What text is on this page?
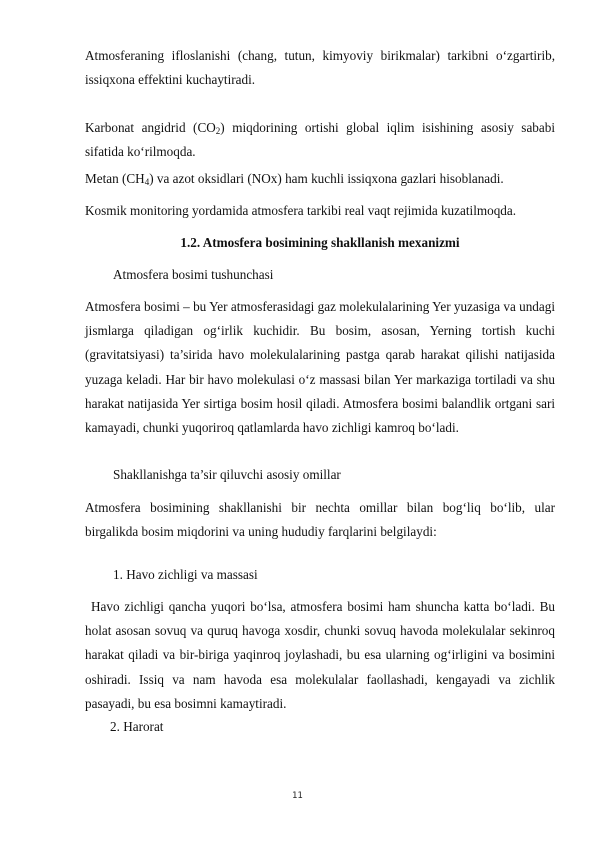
Atmosferaning ifloslanishi (chang, tutun, kimyoviy birikmalar) tarkibni o‘zgartirib, issiqxona effektini kuchaytiradi.

Karbonat angidrid $(CO_2)$ miqdorining ortishi global iqlim isishining asosiy sababi sifatida ko‘rilmoqda.

Metan $(CH_4)$ va azot oksidlari (NOx) ham kuchli issiqxona gazlari hisoblanadi.

Kosmik monitoring yordamida atmosfera tarkibi real vaqt rejimida kuzatilmoqda.

1.2. Atmosfera bosimining shakllanish mexanizmi

Atmosfera bosimi tushunchasi

Atmosfera bosimi – bu Yer atmosferasidagi gaz molekulalarining Yer yuzasiga va undagi jismlarga qiladigan og‘irlik kuchidir. Bu bosim, asosan, Yerning tortish kuchi (gravitatsiyasi) ta’sirida havo molekulalarining pastga qarab harakat qilishi natijasida yuzaga keladi. Har bir havo molekulasi o‘z massasi bilan Yer markaziga tortiladi va shu harakat natijasida Yer sirtiga bosim hosil qiladi. Atmosfera bosimi balandlik ortgani sari kamayadi, chunki yuqoriroq qatlamlarda havo zichligi kamroq bo‘ladi.

Shakllanishga ta’sir qiluvchi asosiy omillar

Atmosfera bosimining shakllanishi bir nechta omillar bilan bog‘liq bo‘lib, ular birgalikda bosim miqdorini va uning hududiy farqlarini belgilaydi:

1. Havo zichligi va massasi

Havo zichligi qancha yuqori bo‘lsa, atmosfera bosimi ham shuncha katta bo‘ladi. Bu holat asosan sovuq va quruq havoga xosdir, chunki sovuq havoda molekulalar sekinroq harakat qiladi va bir-biriga yaqinroq joylashadi, bu esa ularning og‘irligini va bosimini oshiradi. Issiq va nam havoda esa molekulalar faollashadi, kengayadi va zichlik pasayadi, bu esa bosimni kamaytiradi.

2. Harorat

11
